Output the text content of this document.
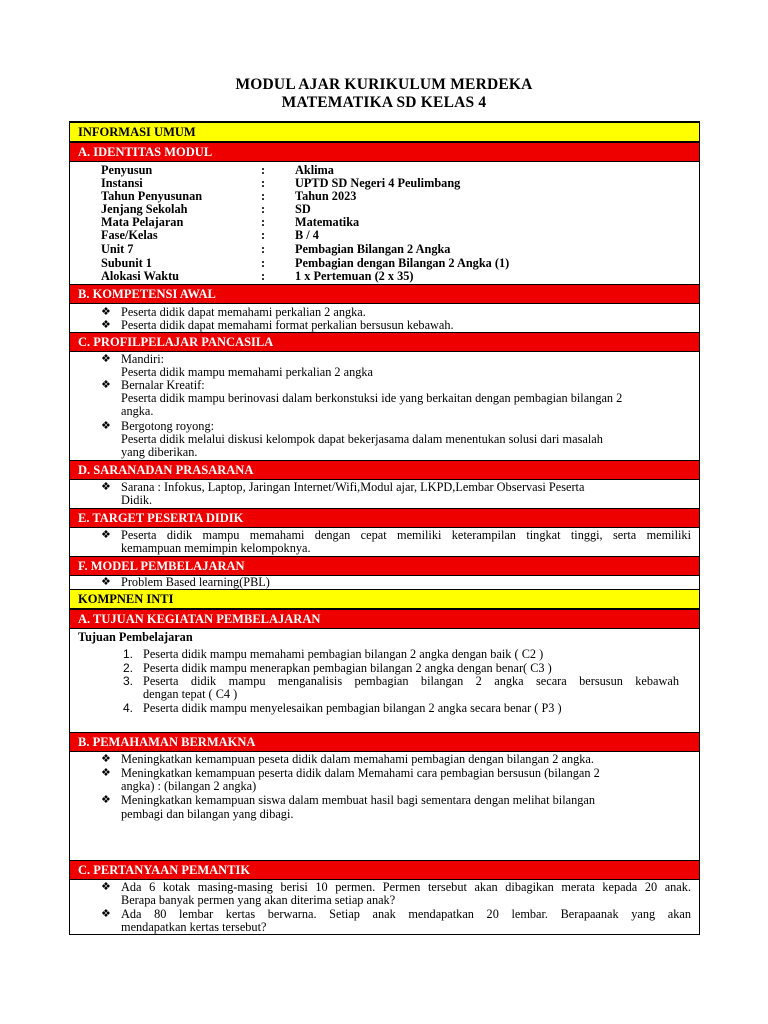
MODUL AJAR KURIKULUM MERDEKA
MATEMATIKA SD KELAS 4
INFORMASI UMUM
A. IDENTITAS MODUL
Penyusun	: Aklima
Instansi	: UPTD SD Negeri 4 Peulimbang
Tahun Penyusunan	: Tahun 2023
Jenjang Sekolah	: SD
Mata Pelajaran	: Matematika
Fase/Kelas	: B / 4
Unit 7	: Pembagian Bilangan 2 Angka
Subunit 1	: Pembagian dengan Bilangan 2 Angka (1)
Alokasi Waktu	: 1 x Pertemuan (2 x 35)
B. KOMPETENSI AWAL
❖ Peserta didik dapat memahami perkalian 2 angka.
❖ Peserta didik dapat memahami format perkalian bersusun kebawah.
C. PROFILPELAJAR PANCASILA
❖ Mandiri:
Peserta didik mampu memahami perkalian 2 angka
❖ Bernalar Kreatif:
Peserta didik mampu berinovasi dalam berkonstuksi ide yang berkaitan dengan pembagian bilangan 2
angka.
❖ Bergotong royong:
Peserta didik melalui diskusi kelompok dapat bekerjasama dalam menentukan solusi dari masalah
yang diberikan.
D. SARANADAN PRASARANA
❖ Sarana : Infokus, Laptop, Jaringan Internet/Wifi,Modul ajar, LKPD,Lembar Observasi Peserta
Didik.
E. TARGET PESERTA DIDIK
❖ Peserta didik mampu memahami dengan cepat memiliki keterampilan tingkat tinggi, serta memiliki
kemampuan memimpin kelompoknya.
F. MODEL PEMBELAJARAN
❖ Problem Based learning(PBL)
KOMPNEN INTI
A. TUJUAN KEGIATAN PEMBELAJARAN
Tujuan Pembelajaran
1. Peserta didik mampu memahami pembagian bilangan 2 angka dengan baik ( C2 )
2. Peserta didik mampu menerapkan pembagian bilangan 2 angka dengan benar( C3 )
3. Peserta didik mampu menganalisis pembagian bilangan 2 angka secara bersusun kebawah
dengan tepat ( C4 )
4. Peserta didik mampu menyelesaikan pembagian bilangan 2 angka secara benar ( P3 )
B. PEMAHAMAN BERMAKNA
❖ Meningkatkan kemampuan peseta didik dalam memahami pembagian dengan bilangan 2 angka.
❖ Meningkatkan kemampuan peserta didik dalam Memahami cara pembagian bersusun (bilangan 2
angka) : (bilangan 2 angka)
❖ Meningkatkan kemampuan siswa dalam membuat hasil bagi sementara dengan melihat bilangan
pembagi dan bilangan yang dibagi.
C. PERTANYAAN PEMANTIK
❖ Ada 6 kotak masing-masing berisi 10 permen. Permen tersebut akan dibagikan merata kepada 20 anak.
Berapa banyak permen yang akan diterima setiap anak?
❖ Ada 80 lembar kertas berwarna. Setiap anak mendapatkan 20 lembar. Berapaanak yang akan
mendapatkan kertas tersebut?
